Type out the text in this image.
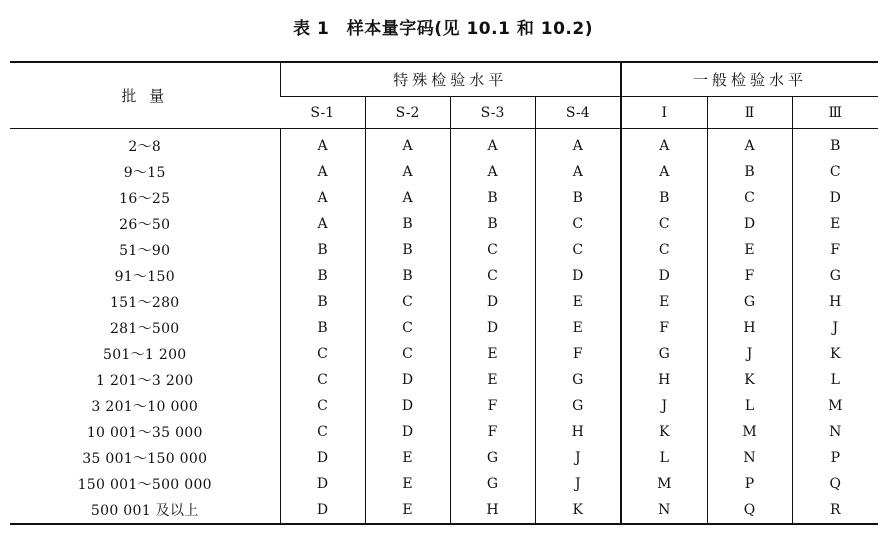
表 1　样本量字码(见 10.1 和 10.2)
批 量	特殊检验水平				一般检验水平		
	S-1	S-2	S-3	S-4	Ⅰ	Ⅱ	Ⅲ
2～8	A	A	A	A	A	A	B
9～15	A	A	A	A	A	B	C
16～25	A	A	B	B	B	C	D
26～50	A	B	B	C	C	D	E
51～90	B	B	C	C	C	E	F
91～150	B	B	C	D	D	F	G
151～280	B	C	D	E	E	G	H
281～500	B	C	D	E	F	H	J
501～1 200	C	C	E	F	G	J	K
1 201～3 200	C	D	E	G	H	K	L
3 201～10 000	C	D	F	G	J	L	M
10 001～35 000	C	D	F	H	K	M	N
35 001～150 000	D	E	G	J	L	N	P
150 001～500 000	D	E	G	J	M	P	Q
500 001 及以上	D	E	H	K	N	Q	R
